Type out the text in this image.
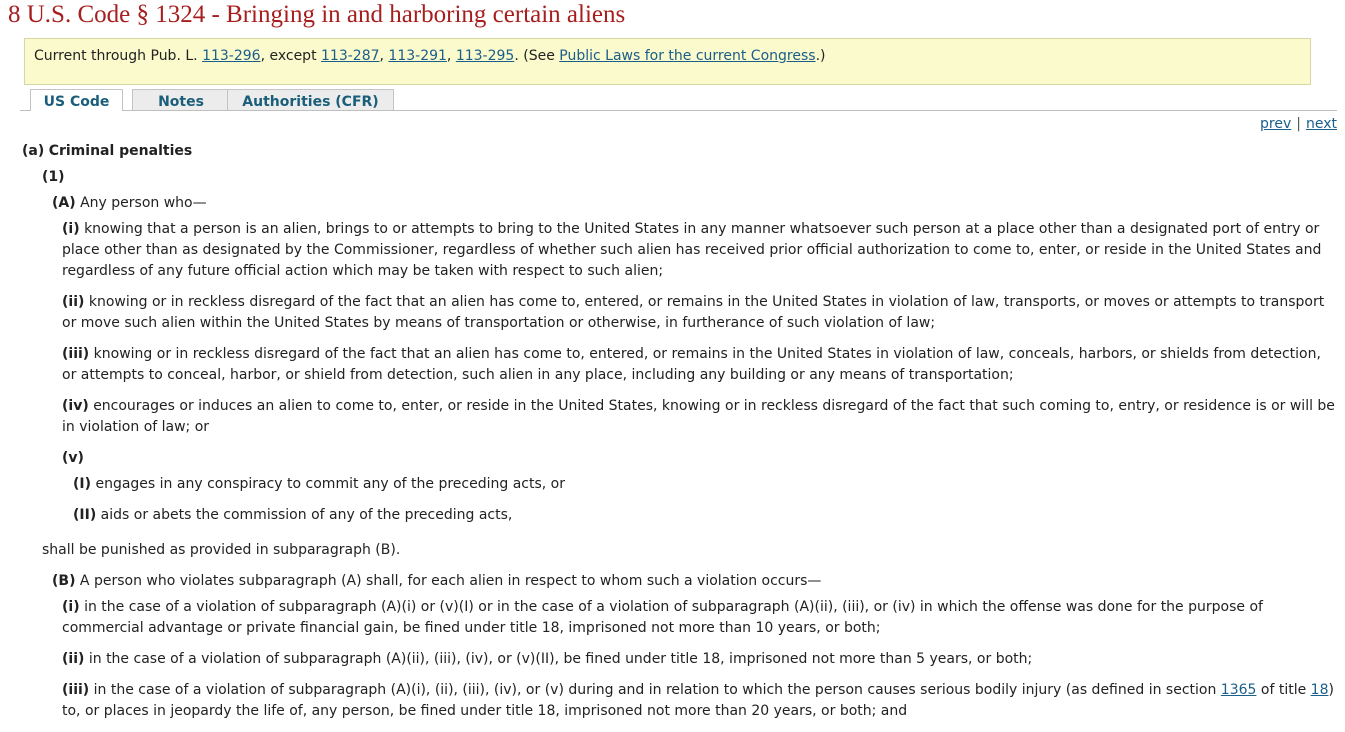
8 U.S. Code § 1324 - Bringing in and harboring certain aliens
Current through Pub. L. 113-296, except 113-287, 113-291, 113-295. (See Public Laws for the current Congress.)
US Code	Notes	Authorities (CFR)
prev | next

(a) Criminal penalties

(1)

(A) Any person who—

(i) knowing that a person is an alien, brings to or attempts to bring to the United States in any manner whatsoever such person at a place other than a designated port of entry or place other than as designated by the Commissioner, regardless of whether such alien has received prior official authorization to come to, enter, or reside in the United States and regardless of any future official action which may be taken with respect to such alien;

(ii) knowing or in reckless disregard of the fact that an alien has come to, entered, or remains in the United States in violation of law, transports, or moves or attempts to transport or move such alien within the United States by means of transportation or otherwise, in furtherance of such violation of law;

(iii) knowing or in reckless disregard of the fact that an alien has come to, entered, or remains in the United States in violation of law, conceals, harbors, or shields from detection, or attempts to conceal, harbor, or shield from detection, such alien in any place, including any building or any means of transportation;

(iv) encourages or induces an alien to come to, enter, or reside in the United States, knowing or in reckless disregard of the fact that such coming to, entry, or residence is or will be in violation of law; or

(v)

(I) engages in any conspiracy to commit any of the preceding acts, or

(II) aids or abets the commission of any of the preceding acts,

shall be punished as provided in subparagraph (B).

(B) A person who violates subparagraph (A) shall, for each alien in respect to whom such a violation occurs—

(i) in the case of a violation of subparagraph (A)(i) or (v)(I) or in the case of a violation of subparagraph (A)(ii), (iii), or (iv) in which the offense was done for the purpose of commercial advantage or private financial gain, be fined under title 18, imprisoned not more than 10 years, or both;

(ii) in the case of a violation of subparagraph (A)(ii), (iii), (iv), or (v)(II), be fined under title 18, imprisoned not more than 5 years, or both;

(iii) in the case of a violation of subparagraph (A)(i), (ii), (iii), (iv), or (v) during and in relation to which the person causes serious bodily injury (as defined in section 1365 of title 18) to, or places in jeopardy the life of, any person, be fined under title 18, imprisoned not more than 20 years, or both; and
